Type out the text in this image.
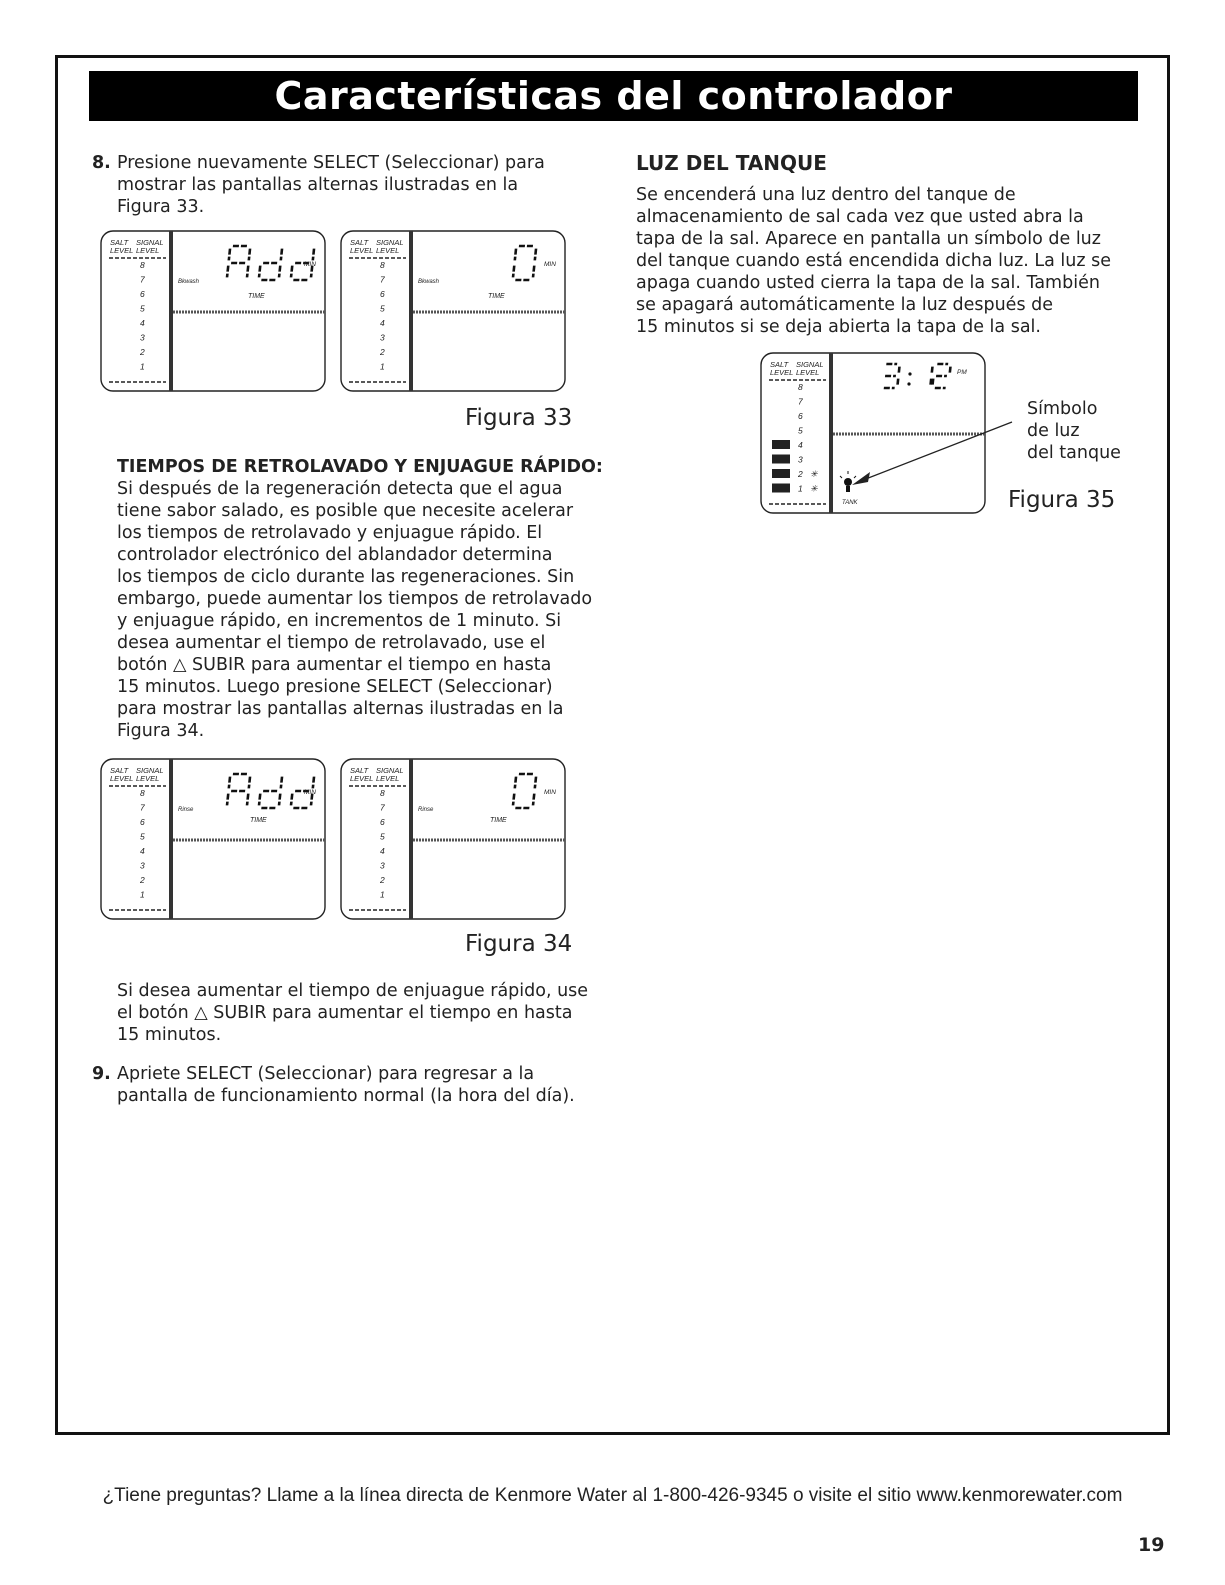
Características del controlador
8. Presione nuevamente SELECT (Seleccionar) para
mostrar las pantallas alternas ilustradas en la
Figura 33.
SALT SIGNAL
LEVEL LEVEL
8
7
6
5
4
3
2
1
MIN
Bkwash
TIME
SALT SIGNAL
LEVEL LEVEL
8
7
6
5
4
3
2
1
MIN
Bkwash
TIME
Figura 33
TIEMPOS DE RETROLAVADO Y ENJUAGUE RÁPIDO:
Si después de la regeneración detecta que el agua
tiene sabor salado, es posible que necesite acelerar
los tiempos de retrolavado y enjuague rápido. El
controlador electrónico del ablandador determina
los tiempos de ciclo durante las regeneraciones. Sin
embargo, puede aumentar los tiempos de retrolavado
y enjuague rápido, en incrementos de 1 minuto. Si
desea aumentar el tiempo de retrolavado, use el
botón △ SUBIR para aumentar el tiempo en hasta
15 minutos. Luego presione SELECT (Seleccionar)
para mostrar las pantallas alternas ilustradas en la
Figura 34.
SALT SIGNAL
LEVEL LEVEL
8
7
6
5
4
3
2
1
MIN
Rinse
TIME
SALT SIGNAL
LEVEL LEVEL
8
7
6
5
4
3
2
1
MIN
Rinse
TIME
Figura 34
Si desea aumentar el tiempo de enjuague rápido, use
el botón △ SUBIR para aumentar el tiempo en hasta
15 minutos.
9. Apriete SELECT (Seleccionar) para regresar a la
pantalla de funcionamiento normal (la hora del día).
LUZ DEL TANQUE
Se encenderá una luz dentro del tanque de
almacenamiento de sal cada vez que usted abra la
tapa de la sal. Aparece en pantalla un símbolo de luz
del tanque cuando está encendida dicha luz. La luz se
apaga cuando usted cierra la tapa de la sal. También
se apagará automáticamente la luz después de
15 minutos si se deja abierta la tapa de la sal.
SALT SIGNAL
LEVEL LEVEL
8
7
6
5
4
3
2 ✳
1 ✳
PM
TANK
Símbolo
de luz
del tanque
Figura 35
¿Tiene preguntas? Llame a la línea directa de Kenmore Water al 1-800-426-9345 o visite el sitio www.kenmorewater.com
19
